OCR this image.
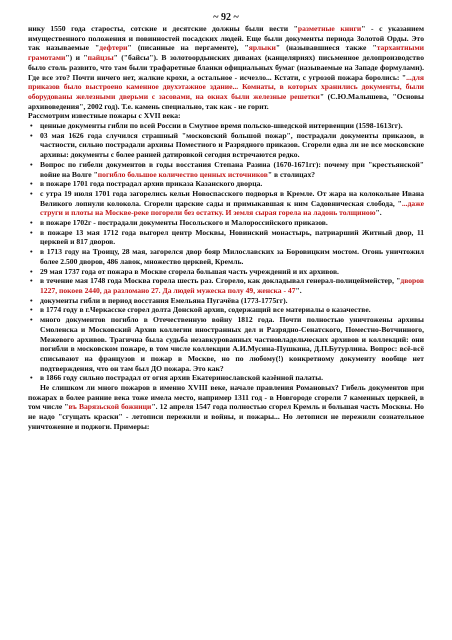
~ 92 ~

нику 1550 года старосты, сотские и десятские должны были вести "разметные книги" - с указанием имущественного положения и повинностей посадских людей. Еще были документы периода Золотой Орды. Это так называемые "дефтери" (писанные на пергаменте), "ярлыки" (называвшиеся также "тархантными грамотами") и "пайцзы" ("байсы"). В золотоордынских диванах (канцеляриях) письменное делопроизводство было столь развито, что там были трафаретные бланки официальных бумаг (называемые на Западе формулами). Где все это? Почти ничего нет, жалкие крохи, а остальное - исчезло... Кстати, с угрозой пожара боролись: "...для приказов было выстроено каменное двухэтажное здание... Комнаты, в которых хранились документы, были оборудованы железными дверьми с засовами, на окнах были железные решетки" (С.Ю.Малышева, "Основы архивоведения", 2002 год). Т.е. камень специально, так как - не горит.

Рассмотрим известные пожары с XVII века:

• ценные документы гибли по всей России в Смутное время польско-шведской интервенции (1598-1613гг).
• 03 мая 1626 года случился страшный "московский большой пожар", пострадали документы приказов, в частности, сильно пострадали архивы Поместного и Разрядного приказов. Сгорели едва ли не все московские архивы: документы с более ранней датировкой сегодня встречаются редко.
• Вопрос по гибели документов в годы восстания Степана Разина (1670-1671гг): почему при "крестьянской" войне на Волге "погибло большое количество ценных источников" в столицах?
• в пожаре 1701 года пострадал архив приказа Казанского дворца.
• с утра 19 июля 1701 года загорелись кельи Новоспасского подворья в Кремле. От жара на колокольне Ивана Великого лопнули колокола. Сгорели царские сады и примыкавшая к ним Садовническая слобода, "...даже струги и плоты на Москве-реке погорели без остатку. И земля сырая горела на ладонь толщиною".
• в пожаре 1702г - пострадали документы Посольского и Малороссийского приказов.
• в пожаре 13 мая 1712 года выгорел центр Москвы, Новинский монастырь, патриарший Житный двор, 11 церквей и 817 дворов.
• в 1713 году на Троицу, 28 мая, загорелся двор бояр Милославских за Боровицким мостом. Огонь уничтожил более 2.500 дворов, 486 лавок, множество церквей, Кремль.
• 29 мая 1737 года от пожара в Москве сгорела большая часть учреждений и их архивов.
• в течение мая 1748 года Москва горела шесть раз. Сгорело, как докладывал генерал-полицеймейстер, "дворов 1227, покоев 2440, да разломано 27. Да людей мужеска полу 49, женска - 47".
• документы гибли в период восстания Емельяна Пугачёва (1773-1775гг).
• в 1774 году в г.Черкасске сгорел долта Донской архив, содержащий все материалы о казачестве.
• много документов погибло в Отечественную войну 1812 года. Почти полностью уничтожены архивы Смоленска и Московский Архив коллегии иностранных дел и Разрядно-Сенатского, Поместно-Вотчинного, Межевого архивов. Трагична была судьба незавкурованных частновладельческих архивов и коллекций: они погибли в московском пожаре, в том числе коллекции А.И.Мусина-Пушкина, Д.П.Бутурлина. Вопрос: всё-всё списывают на французов и пожар в Москве, но по любому(!) конкретному документу вообще нет подтверждения, что он там был ДО пожара. Это как?
• в 1866 году сильно пострадал от огня архив Екатеринославской казённой палаты.

Не слишком ли много пожаров в именно XVIII веке, начале правления Романовых? Гибель документов при пожарах в более ранние века тоже имела место, например 1311 год - в Новгороде сгорели 7 каменных церквей, в том числе "въ Варязьской божници". 12 апреля 1547 года полностью сгорел Кремль и большая часть Москвы. Но не надо "сгущать краски" - летописи пережили и войны, и пожары... Но летописи не пережили сознательное уничтожение и поджоги. Примеры:
